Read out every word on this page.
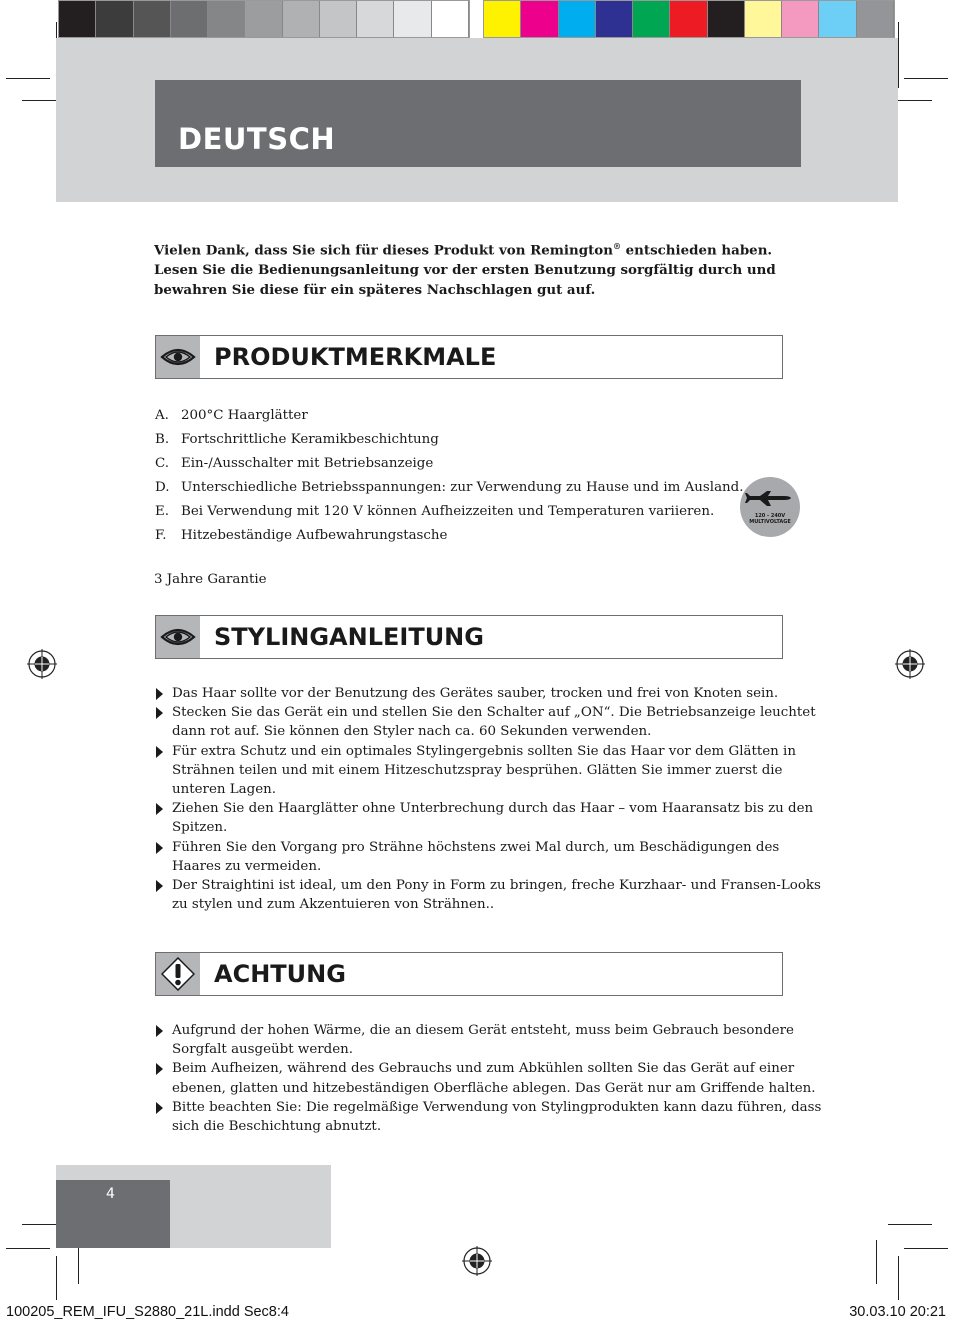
DEUTSCH
Vielen Dank, dass Sie sich für dieses Produkt von Remington® entschieden haben. Lesen Sie die Bedienungsanleitung vor der ersten Benutzung sorgfältig durch und bewahren Sie diese für ein späteres Nachschlagen gut auf.
PRODUKTMERKMALE
A. 200°C Haarglätter
B. Fortschrittliche Keramikbeschichtung
C. Ein-/Ausschalter mit Betriebsanzeige
D. Unterschiedliche Betriebsspannungen: zur Verwendung zu Hause und im Ausland.
E. Bei Verwendung mit 120 V können Aufheizzeiten und Temperaturen variieren.
F. Hitzebeständige Aufbewahrungstasche
120 - 240V
MULTIVOLTAGE
3 Jahre Garantie
STYLINGANLEITUNG
Das Haar sollte vor der Benutzung des Gerätes sauber, trocken und frei von Knoten sein.
Stecken Sie das Gerät ein und stellen Sie den Schalter auf „ON“. Die Betriebsanzeige leuchtet dann rot auf. Sie können den Styler nach ca. 60 Sekunden verwenden.
Für extra Schutz und ein optimales Stylingergebnis sollten Sie das Haar vor dem Glätten in Strähnen teilen und mit einem Hitzeschutzspray besprühen. Glätten Sie immer zuerst die unteren Lagen.
Ziehen Sie den Haarglätter ohne Unterbrechung durch das Haar – vom Haaransatz bis zu den Spitzen.
Führen Sie den Vorgang pro Strähne höchstens zwei Mal durch, um Beschädigungen des Haares zu vermeiden.
Der Straightini ist ideal, um den Pony in Form zu bringen, freche Kurzhaar- und Fransen-Looks zu stylen und zum Akzentuieren von Strähnen..
ACHTUNG
Aufgrund der hohen Wärme, die an diesem Gerät entsteht, muss beim Gebrauch besondere Sorgfalt ausgeübt werden.
Beim Aufheizen, während des Gebrauchs und zum Abkühlen sollten Sie das Gerät auf einer ebenen, glatten und hitzebeständigen Oberfläche ablegen. Das Gerät nur am Griffende halten.
Bitte beachten Sie: Die regelmäßige Verwendung von Stylingprodukten kann dazu führen, dass sich die Beschichtung abnutzt.
4
100205_REM_IFU_S2880_21L.indd Sec8:4	30.03.10 20:21
